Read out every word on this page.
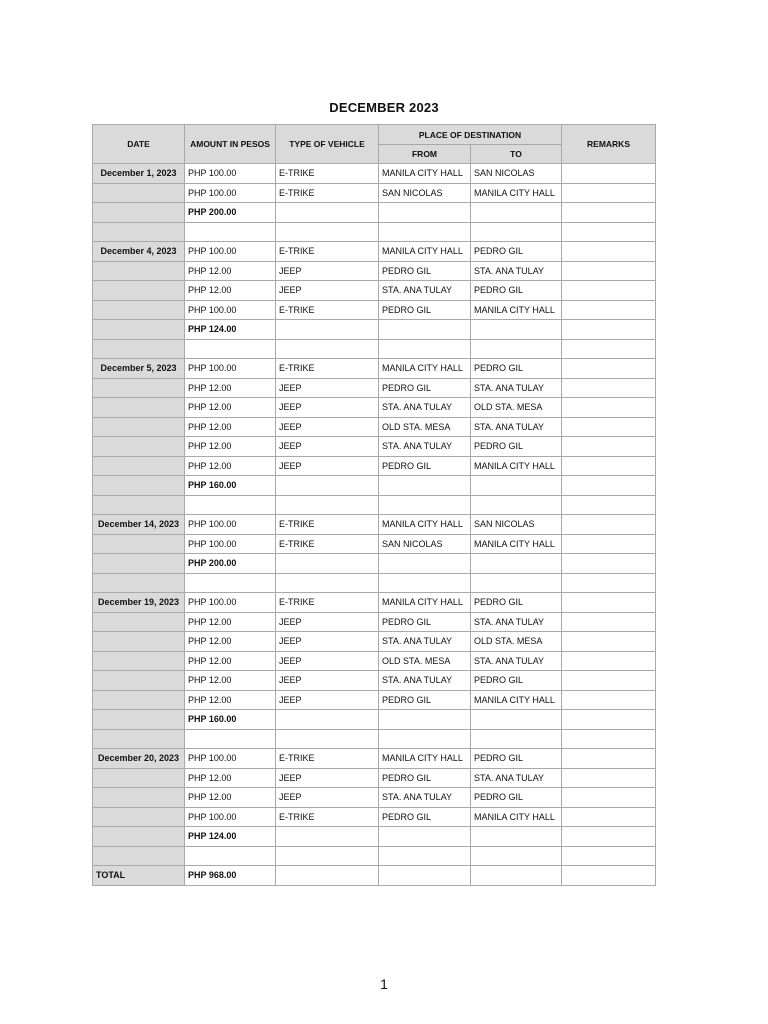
DECEMBER 2023
DATE	AMOUNT IN PESOS	TYPE OF VEHICLE	PLACE OF DESTINATION		REMARKS
			FROM	TO	
December 1, 2023	PHP 100.00	E-TRIKE	MANILA CITY HALL	SAN NICOLAS	
	PHP 100.00	E-TRIKE	SAN NICOLAS	MANILA CITY HALL	
	PHP 200.00				

December 4, 2023	PHP 100.00	E-TRIKE	MANILA CITY HALL	PEDRO GIL	
	PHP 12.00	JEEP	PEDRO GIL	STA. ANA TULAY	
	PHP 12.00	JEEP	STA. ANA TULAY	PEDRO GIL	
	PHP 100.00	E-TRIKE	PEDRO GIL	MANILA CITY HALL	
	PHP 124.00				

December 5, 2023	PHP 100.00	E-TRIKE	MANILA CITY HALL	PEDRO GIL	
	PHP 12.00	JEEP	PEDRO GIL	STA. ANA TULAY	
	PHP 12.00	JEEP	STA. ANA TULAY	OLD STA. MESA	
	PHP 12.00	JEEP	OLD STA. MESA	STA. ANA TULAY	
	PHP 12.00	JEEP	STA. ANA TULAY	PEDRO GIL	
	PHP 12.00	JEEP	PEDRO GIL	MANILA CITY HALL	
	PHP 160.00				

December 14, 2023	PHP 100.00	E-TRIKE	MANILA CITY HALL	SAN NICOLAS	
	PHP 100.00	E-TRIKE	SAN NICOLAS	MANILA CITY HALL	
	PHP 200.00				

December 19, 2023	PHP 100.00	E-TRIKE	MANILA CITY HALL	PEDRO GIL	
	PHP 12.00	JEEP	PEDRO GIL	STA. ANA TULAY	
	PHP 12.00	JEEP	STA. ANA TULAY	OLD STA. MESA	
	PHP 12.00	JEEP	OLD STA. MESA	STA. ANA TULAY	
	PHP 12.00	JEEP	STA. ANA TULAY	PEDRO GIL	
	PHP 12.00	JEEP	PEDRO GIL	MANILA CITY HALL	
	PHP 160.00				

December 20, 2023	PHP 100.00	E-TRIKE	MANILA CITY HALL	PEDRO GIL	
	PHP 12.00	JEEP	PEDRO GIL	STA. ANA TULAY	
	PHP 12.00	JEEP	STA. ANA TULAY	PEDRO GIL	
	PHP 100.00	E-TRIKE	PEDRO GIL	MANILA CITY HALL	
	PHP 124.00				

TOTAL	PHP 968.00				
1
